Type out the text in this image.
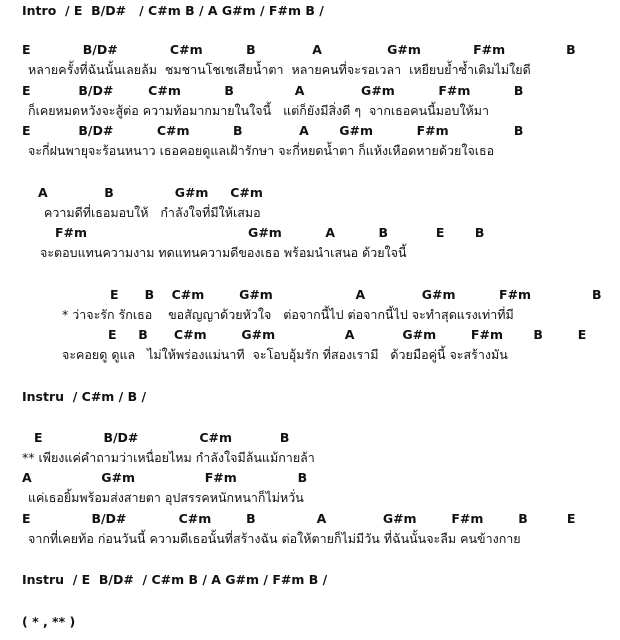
Intro  / E  B/D#   / C#m B / A G#m / F#m B /
E            B/D#            C#m          B             A               G#m            F#m              B
หลายครั้งที่ฉันนั้นเลยล้ม  ชมชานโชเชเสียน้ำตา  หลายคนที่จะรอเวลา  เหยียบย้ำซ้ำเติมไม่ใยดี
E           B/D#        C#m          B              A             G#m          F#m          B
ก็เคยหมดหวังจะสู้ต่อ ความท้อมากมายในใจนี้   แต่ก็ยังมีสิ่งดี ๆ  จากเธอคนนี้มอบให้มา
E           B/D#          C#m          B             A       G#m          F#m               B
จะกี่ฝนพายุจะร้อนหนาว เธอคอยดูแลเฝ้ารักษา จะกี่หยดน้ำตา ก็แห้งเหือดหายด้วยใจเธอ
A             B              G#m     C#m
ความดีที่เธอมอบให้   กำลังใจที่มีให้เสมอ
F#m                                     G#m          A          B           E       B
จะตอบแทนความงาม ทดแทนความดีของเธอ พร้อมนำเสนอ ด้วยใจนี้
E      B    C#m        G#m                   A             G#m          F#m              B
* ว่าจะรัก รักเธอ    ขอสัญญาด้วยหัวใจ   ต่อจากนี้ไป ต่อจากนี้ไป จะทำสุดแรงเท่าที่มี
E     B      C#m        G#m                A           G#m        F#m       B        E
จะคอยดู ดูแล   ไม่ให้พร่องแม่นาที  จะโอบอุ้มรัก ที่สองเรามี   ด้วยมือคู่นี้ จะสร้างมัน
Instru  / C#m / B /
E              B/D#              C#m           B
** เพียงแค่คำถามว่าเหนื่อยไหม กำลังใจมีล้นแม้กายล้า
A                G#m                F#m              B
แค่เธอยิ้มพร้อมส่งสายตา อุปสรรคหนักหนาก็ไม่หวั่น
E              B/D#            C#m        B              A             G#m        F#m        B         E
จากที่เคยท้อ ก่อนวันนี้ ความดีเธอนั้นที่สร้างฉัน ต่อให้ตายก็ไม่มีวัน ที่ฉันนั้นจะลืม คนข้างกาย
Instru  / E  B/D#  / C#m B / A G#m / F#m B /
( * , ** )
